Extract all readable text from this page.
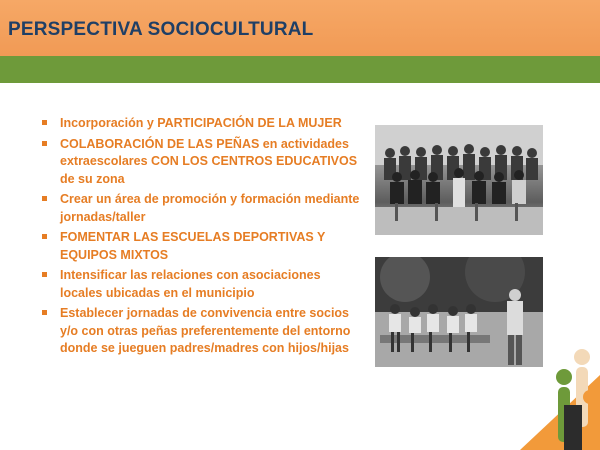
PERSPECTIVA SOCIOCULTURAL
Incorporación y PARTICIPACIÓN DE LA MUJER
COLABORACIÓN DE LAS PEÑAS en actividades extraescolares CON LOS CENTROS EDUCATIVOS de su zona
Crear un área de promoción y formación mediante jornadas/taller
FOMENTAR LAS ESCUELAS DEPORTIVAS Y EQUIPOS MIXTOS
Intensificar las relaciones con asociaciones locales ubicadas en el municipio
Establecer jornadas de convivencia entre socios y/o con otras peñas preferentemente del entorno donde se jueguen padres/madres con hijos/hijas
